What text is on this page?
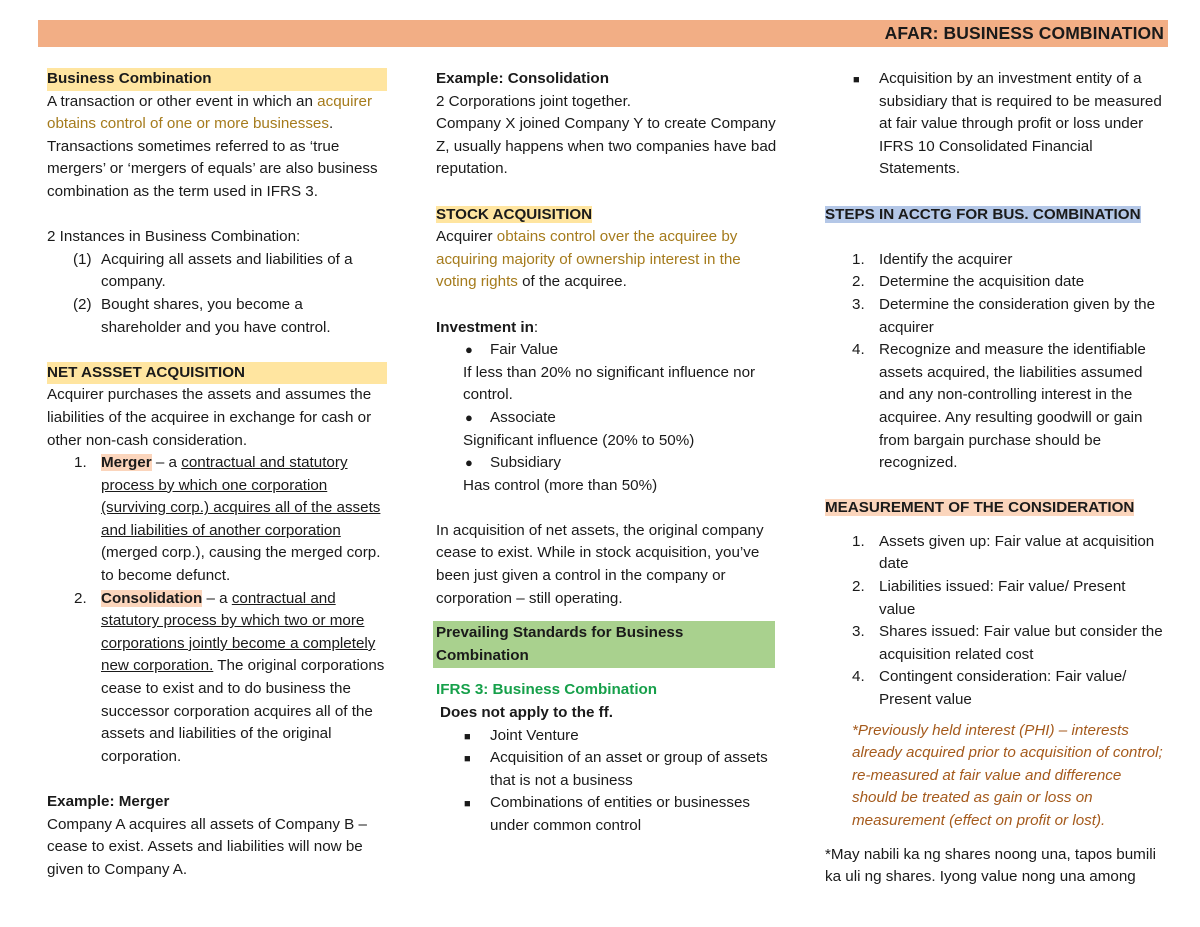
AFAR: BUSINESS COMBINATION
Business Combination

A transaction or other event in which an acquirer obtains control of one or more businesses. Transactions sometimes referred to as ‘true mergers’ or ‘mergers of equals’ are also business combination as the term used in IFRS 3.

2 Instances in Business Combination:

(1) Acquiring all assets and liabilities of a company.
(2) Bought shares, you become a shareholder and you have control.
NET ASSSET ACQUISITION

Acquirer purchases the assets and assumes the liabilities of the acquiree in exchange for cash or other non-cash consideration.

1. Merger – a contractual and statutory process by which one corporation (surviving corp.) acquires all of the assets and liabilities of another corporation (merged corp.), causing the merged corp. to become defunct.
2. Consolidation – a contractual and statutory process by which two or more corporations jointly become a completely new corporation. The original corporations cease to exist and to do business the successor corporation acquires all of the assets and liabilities of the original corporation.

Example: Merger

Company A acquires all assets of Company B – cease to exist. Assets and liabilities will now be given to Company A.

Example: Consolidation

2 Corporations joint together.

Company X joined Company Y to create Company Z, usually happens when two companies have bad reputation.

STOCK ACQUISITION

Acquirer obtains control over the acquiree by acquiring majority of ownership interest in the voting rights of the acquiree.

Investment in:

● Fair Value

If less than 20% no significant influence nor control.

● Associate

Significant influence (20% to 50%)

● Subsidiary

Has control (more than 50%)

In acquisition of net assets, the original company cease to exist. While in stock acquisition, you’ve been just given a control in the company or corporation – still operating.

Prevailing Standards for Business Combination

IFRS 3: Business Combination

Does not apply to the ff.

■ Joint Venture
■ Acquisition of an asset or group of assets that is not a business
■ Combinations of entities or businesses under common control
■ Acquisition by an investment entity of a subsidiary that is required to be measured at fair value through profit or loss under IFRS 10 Consolidated Financial Statements.
STEPS IN ACCTG FOR BUS. COMBINATION
1. Identify the acquirer
2. Determine the acquisition date
3. Determine the consideration given by the acquirer
4. Recognize and measure the identifiable assets acquired, the liabilities assumed and any non-controlling interest in the acquiree. Any resulting goodwill or gain from bargain purchase should be recognized.
MEASUREMENT OF THE CONSIDERATION
1. Assets given up: Fair value at acquisition date
2. Liabilities issued: Fair value/ Present value
3. Shares issued: Fair value but consider the acquisition related cost
4. Contingent consideration: Fair value/ Present value

*Previously held interest (PHI) – interests already acquired prior to acquisition of control; re-measured at fair value and difference should be treated as gain or loss on measurement (effect on profit or lost).

*May nabili ka ng shares noong una, tapos bumili ka uli ng shares. Iyong value nong una among
